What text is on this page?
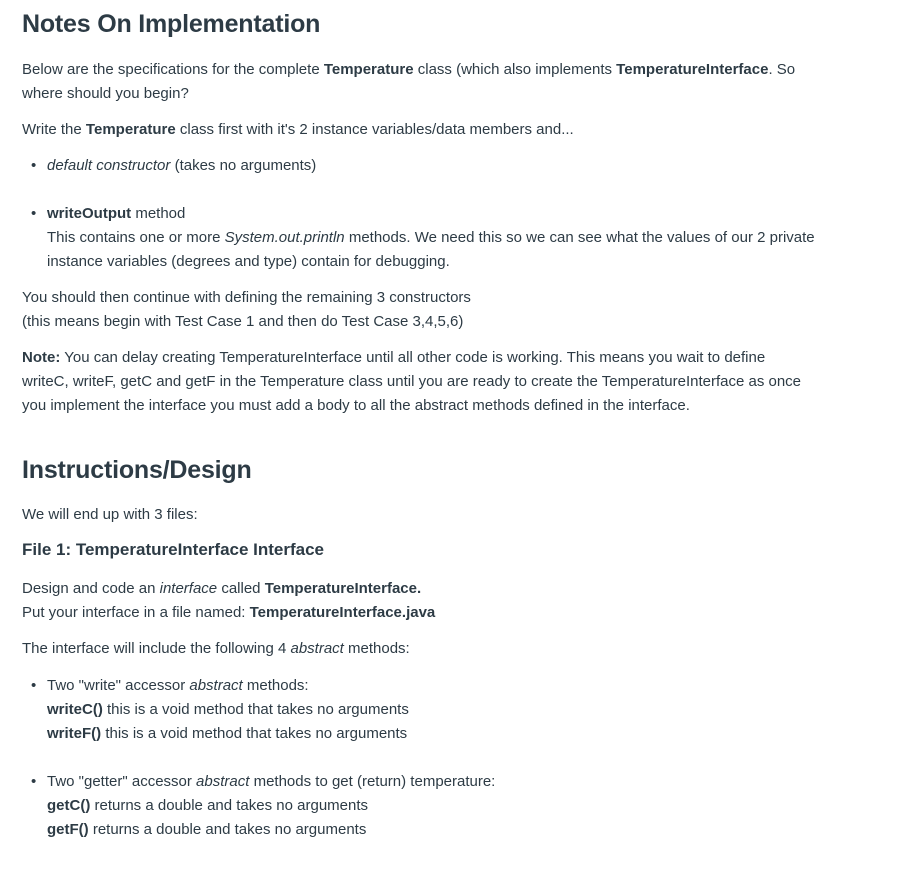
Notes On Implementation

Below are the specifications for the complete Temperature class (which also implements TemperatureInterface. So

where should you begin?

Write the Temperature class first with it's 2 instance variables/data members and...

• default constructor (takes no arguments)

• writeOutput method

This contains one or more System.out.println methods. We need this so we can see what the values of our 2 private

instance variables (degrees and type) contain for debugging.

You should then continue with defining the remaining 3 constructors

(this means begin with Test Case 1 and then do Test Case 3,4,5,6)

Note: You can delay creating TemperatureInterface until all other code is working. This means you wait to define

writeC, writeF, getC and getF in the Temperature class until you are ready to create the TemperatureInterface as once

you implement the interface you must add a body to all the abstract methods defined in the interface.

Instructions/Design

We will end up with 3 files:

File 1: TemperatureInterface Interface

Design and code an interface called TemperatureInterface.

Put your interface in a file named: TemperatureInterface.java

The interface will include the following 4 abstract methods:

• Two "write" accessor abstract methods:

writeC() this is a void method that takes no arguments

writeF() this is a void method that takes no arguments

• Two "getter" accessor abstract methods to get (return) temperature:

getC() returns a double and takes no arguments

getF() returns a double and takes no arguments
